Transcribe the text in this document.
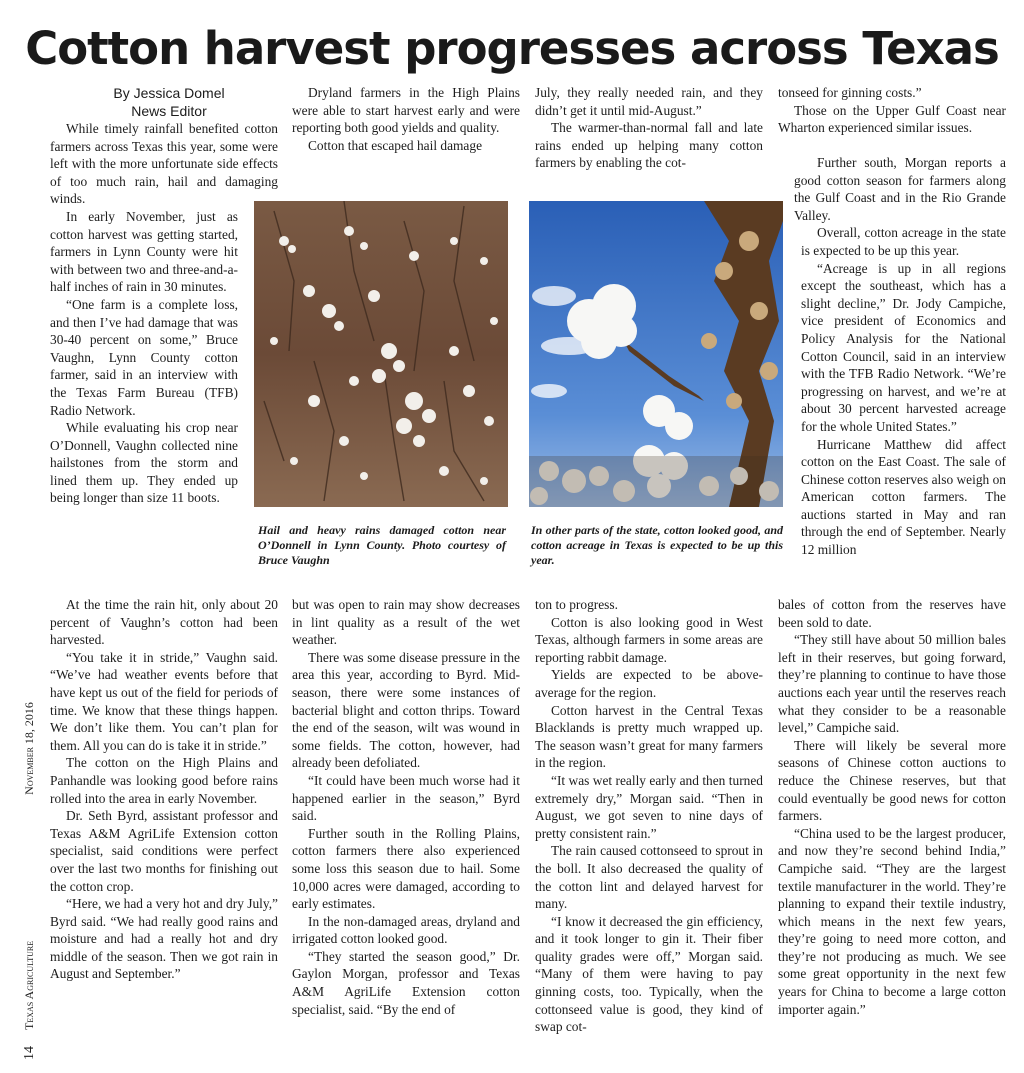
Cotton harvest progresses across Texas
By Jessica Domel
News Editor

While timely rainfall benefited cotton farmers across Texas this year, some were left with the more unfortunate side effects of too much rain, hail and damaging winds.

In early November, just as cotton harvest was getting started, farmers in Lynn County were hit with between two and three-and-a-half inches of rain in 30 minutes.

“One farm is a complete loss, and then I’ve had damage that was 30-40 percent on some,” Bruce Vaughn, Lynn County cotton farmer, said in an interview with the Texas Farm Bureau (TFB) Radio Network.

While evaluating his crop near O’Donnell, Vaughn collected nine hailstones from the storm and lined them up. They ended up being longer than size 11 boots.

At the time the rain hit, only about 20 percent of Vaughn’s cotton had been harvested.

“You take it in stride,” Vaughn said. “We’ve had weather events before that have kept us out of the field for periods of time. We know that these things happen. We don’t like them. You can’t plan for them. All you can do is take it in stride.”

The cotton on the High Plains and Panhandle was looking good before rains rolled into the area in early November.

Dr. Seth Byrd, assistant professor and Texas A&M AgriLife Extension cotton specialist, said conditions were perfect over the last two months for finishing out the cotton crop.

“Here, we had a very hot and dry July,” Byrd said. “We had really good rains and moisture and had a really hot and dry middle of the season. Then we got rain in August and September.”

Dryland farmers in the High Plains were able to start harvest early and were reporting both good yields and quality.

Cotton that escaped hail damage

but was open to rain may show decreases in lint quality as a result of the wet weather.

There was some disease pressure in the area this year, according to Byrd. Mid-season, there were some instances of bacterial blight and cotton thrips. Toward the end of the season, wilt was wound in some fields. The cotton, however, had already been defoliated.

“It could have been much worse had it happened earlier in the season,” Byrd said.

Further south in the Rolling Plains, cotton farmers there also experienced some loss this season due to hail. Some 10,000 acres were damaged, according to early estimates.

In the non-damaged areas, dryland and irrigated cotton looked good.

“They started the season good,” Dr. Gaylon Morgan, professor and Texas A&M AgriLife Extension cotton specialist, said. “By the end of

July, they really needed rain, and they didn’t get it until mid-August.”

The warmer-than-normal fall and late rains ended up helping many cotton farmers by enabling the cot-

ton to progress.

Cotton is also looking good in West Texas, although farmers in some areas are reporting rabbit damage.

Yields are expected to be above-average for the region.

Cotton harvest in the Central Texas Blacklands is pretty much wrapped up. The season wasn’t great for many farmers in the region.

“It was wet really early and then turned extremely dry,” Morgan said. “Then in August, we got seven to nine days of pretty consistent rain.”

The rain caused cottonseed to sprout in the boll. It also decreased the quality of the cotton lint and delayed harvest for many.

“I know it decreased the gin efficiency, and it took longer to gin it. Their fiber quality grades were off,” Morgan said. “Many of them were having to pay ginning costs, too. Typically, when the cottonseed value is good, they kind of swap cot-

tonseed for ginning costs.”

Those on the Upper Gulf Coast near Wharton experienced similar issues.

Further south, Morgan reports a good cotton season for farmers along the Gulf Coast and in the Rio Grande Valley.

Overall, cotton acreage in the state is expected to be up this year.

“Acreage is up in all regions except the southeast, which has a slight decline,” Dr. Jody Campiche, vice president of Economics and Policy Analysis for the National Cotton Council, said in an interview with the TFB Radio Network. “We’re progressing on harvest, and we’re at about 30 percent harvested acreage for the whole United States.”

Hurricane Matthew did affect cotton on the East Coast. The sale of Chinese cotton reserves also weigh on American cotton farmers. The auctions started in May and ran through the end of September. Nearly 12 million

bales of cotton from the reserves have been sold to date.

“They still have about 50 million bales left in their reserves, but going forward, they’re planning to continue to have those auctions each year until the reserves reach what they consider to be a reasonable level,” Campiche said.

There will likely be several more seasons of Chinese cotton auctions to reduce the Chinese reserves, but that could eventually be good news for cotton farmers.

“China used to be the largest producer, and now they’re second behind India,” Campiche said. “They are the largest textile manufacturer in the world. They’re planning to expand their textile industry, which means in the next few years, they’re going to need more cotton, and they’re not producing as much. We see some great opportunity in the next few years for China to become a large cotton importer again.”

Hail and heavy rains damaged cotton near O’Donnell in Lynn County. Photo courtesy of Bruce Vaughn

In other parts of the state, cotton looked good, and cotton acreage in Texas is expected to be up this year.

14  Texas Agriculture  November 18, 2016
